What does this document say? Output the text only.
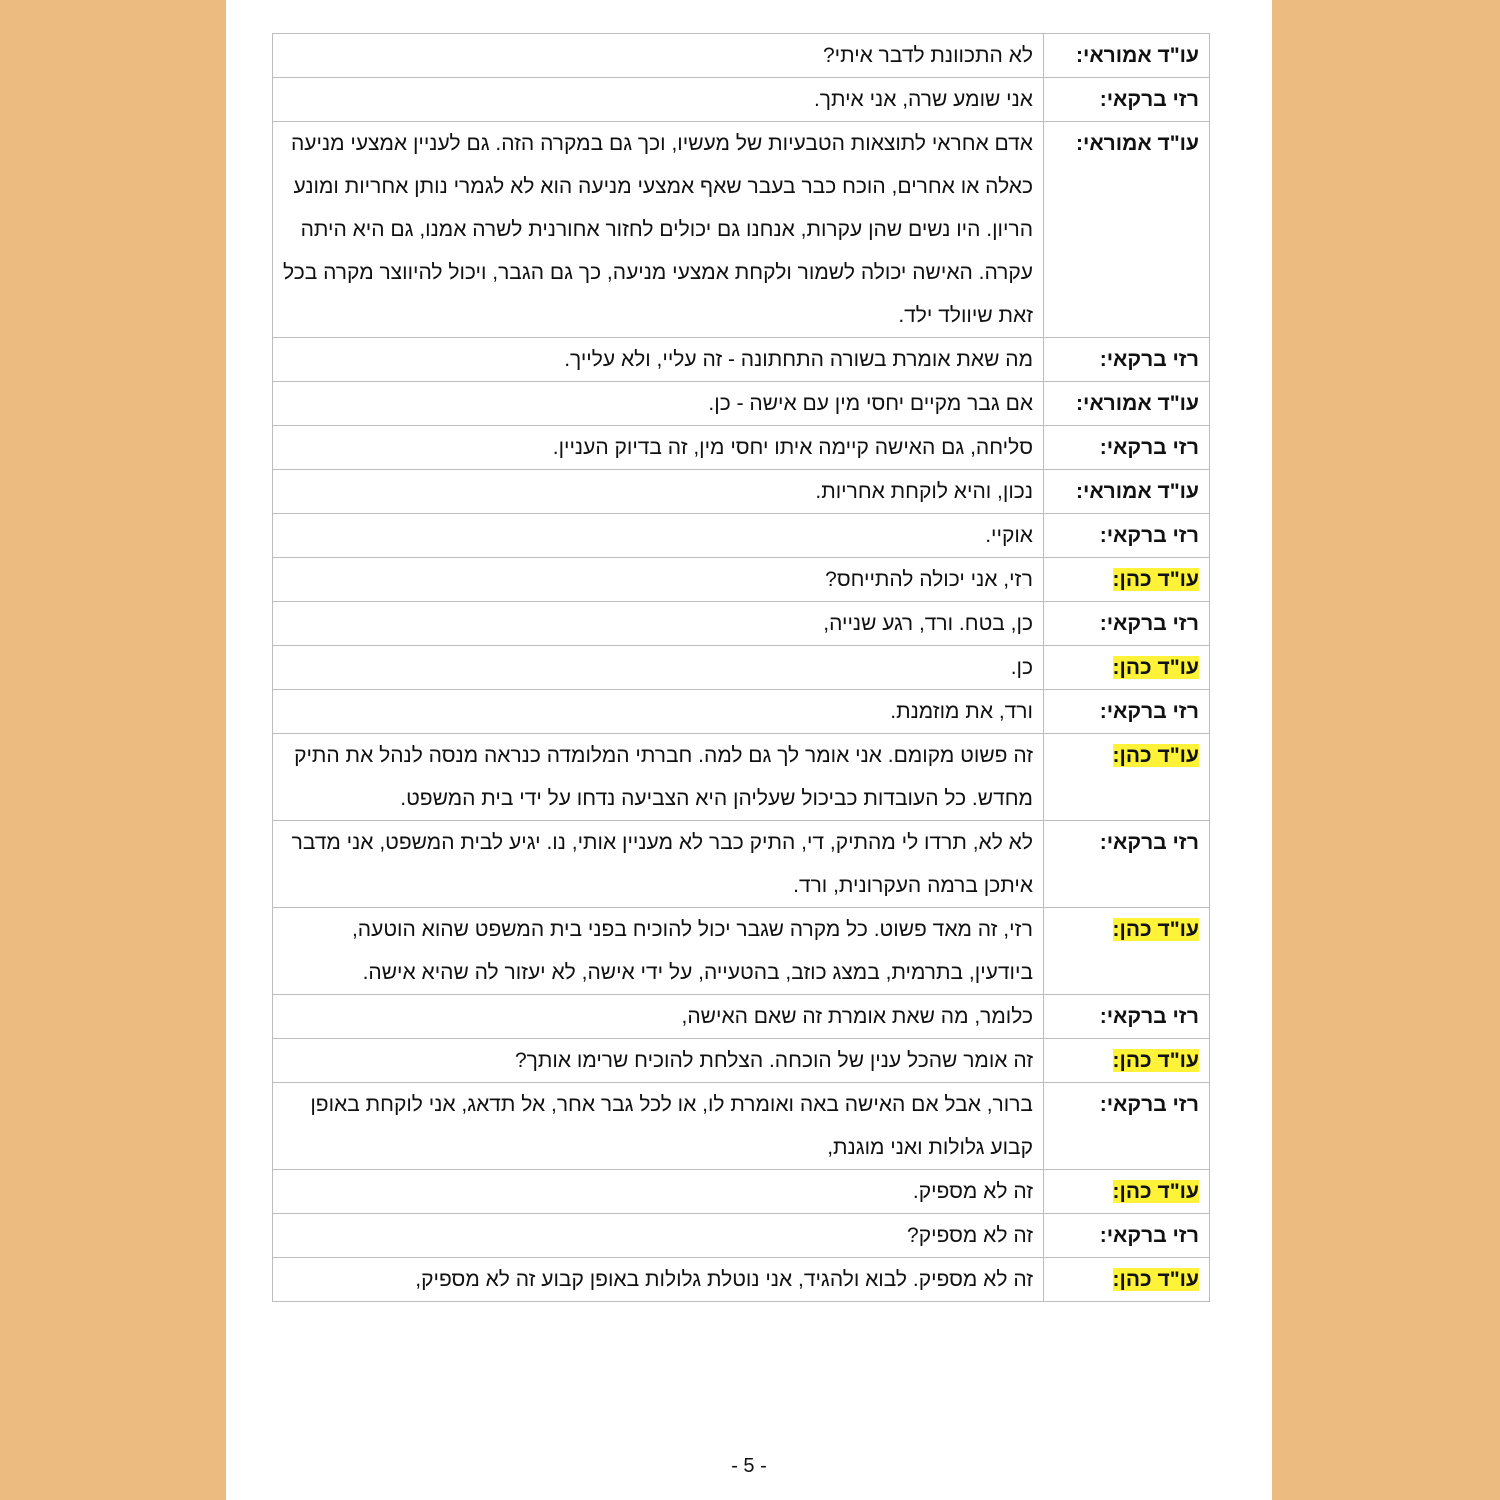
עו"ד אמוראי:	לא התכוונת לדבר איתי?
רזי ברקאי:	אני שומע שרה, אני איתך.
עו"ד אמוראי:	אדם אחראי לתוצאות הטבעיות של מעשיו, וכך גם במקרה הזה. גם לעניין אמצעי מניעה כאלה או אחרים, הוכח כבר בעבר שאף אמצעי מניעה הוא לא לגמרי נותן אחריות ומונע הריון. היו נשים שהן עקרות, אנחנו גם יכולים לחזור אחורנית לשרה אמנו, גם היא היתה עקרה. האישה יכולה לשמור ולקחת אמצעי מניעה, כך גם הגבר, ויכול להיווצר מקרה בכל זאת שיוולד ילד.
רזי ברקאי:	מה שאת אומרת בשורה התחתונה - זה עליי, ולא עלייך.
עו"ד אמוראי:	אם גבר מקיים יחסי מין עם אישה - כן.
רזי ברקאי:	סליחה, גם האישה קיימה איתו יחסי מין, זה בדיוק העניין.
עו"ד אמוראי:	נכון, והיא לוקחת אחריות.
רזי ברקאי:	אוקיי.
עו"ד כהן:	רזי, אני יכולה להתייחס?
רזי ברקאי:	כן, בטח. ורד, רגע שנייה,
עו"ד כהן:	כן.
רזי ברקאי:	ורד, את מוזמנת.
עו"ד כהן:	זה פשוט מקומם. אני אומר לך גם למה. חברתי המלומדה כנראה מנסה לנהל את התיק מחדש. כל העובדות כביכול שעליהן היא הצביעה נדחו על ידי בית המשפט.
רזי ברקאי:	לא לא, תרדו לי מהתיק, די, התיק כבר לא מעניין אותי, נו. יגיע לבית המשפט, אני מדבר איתכן ברמה העקרונית, ורד.
עו"ד כהן:	רזי, זה מאד פשוט. כל מקרה שגבר יכול להוכיח בפני בית המשפט שהוא הוטעה, ביודעין, בתרמית, במצג כוזב, בהטעייה, על ידי אישה, לא יעזור לה שהיא אישה.
רזי ברקאי:	כלומר, מה שאת אומרת זה שאם האישה,
עו"ד כהן:	זה אומר שהכל ענין של הוכחה. הצלחת להוכיח שרימו אותך?
רזי ברקאי:	ברור, אבל אם האישה באה ואומרת לו, או לכל גבר אחר, אל תדאג, אני לוקחת באופן קבוע גלולות ואני מוגנת,
עו"ד כהן:	זה לא מספיק.
רזי ברקאי:	זה לא מספיק?
עו"ד כהן:	זה לא מספיק. לבוא ולהגיד, אני נוטלת גלולות באופן קבוע זה לא מספיק,
- 5 -
